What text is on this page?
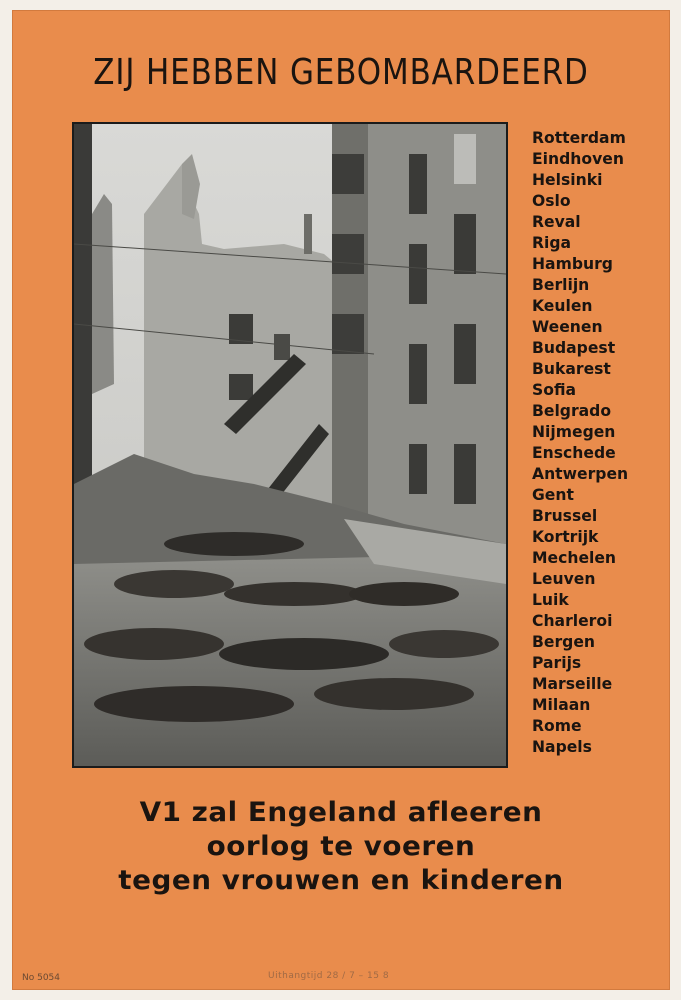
ZIJ HEBBEN GEBOMBARDEERD
Rotterdam
Eindhoven
Helsinki
Oslo
Reval
Riga
Hamburg
Berlijn
Keulen
Weenen
Budapest
Bukarest
Sofia
Belgrado
Nijmegen
Enschede
Antwerpen
Gent
Brussel
Kortrijk
Mechelen
Leuven
Luik
Charleroi
Bergen
Parijs
Marseille
Milaan
Rome
Napels
V1 zal Engeland afleeren
oorlog te voeren
tegen vrouwen en kinderen
No 5054	Uithangtijd 28 / 7 – 15 8
